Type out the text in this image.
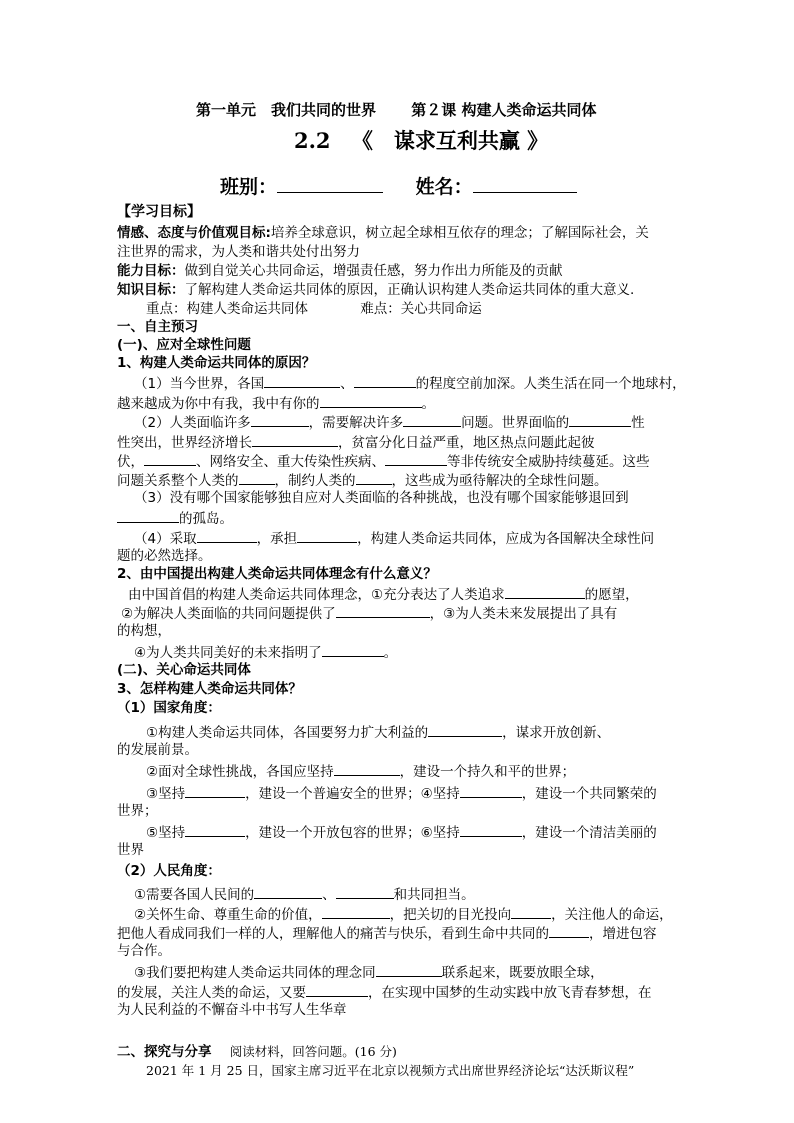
第一单元　我们共同的世界 第２课 构建人类命运共同体
2.2 《　谋求互利共赢 》
班别：	姓名：
【学习目标】
情感、态度与价值观目标:培养全球意识，树立起全球相互依存的理念；了解国际社会，关
注世界的需求，为人类和谐共处付出努力
能力目标：做到自觉关心共同命运，增强责任感，努力作出力所能及的贡献
知识目标：了解构建人类命运共同体的原因，正确认识构建人类命运共同体的重大意义.
重点：构建人类命运共同体	难点：关心共同命运
一、自主预习
(一)、应对全球性问题
1、构建人类命运共同体的原因？
（1）当今世界，各国	、	的程度空前加深。人类生活在同一个地球村，
越来越成为你中有我，我中有你的	。
（2）人类面临许多	，需要解决许多	问题。世界面临的	性
性突出，世界经济增长	，贫富分化日益严重，地区热点问题此起彼
伏，	、网络安全、重大传染性疾病、	等非传统安全威胁持续蔓延。这些
问题关系整个人类的	，制约人类的	，这些成为亟待解决的全球性问题。
（3）没有哪个国家能够独自应对人类面临的各种挑战，也没有哪个国家能够退回到
的孤岛。
（4）采取	，承担	，构建人类命运共同体，应成为各国解决全球性问
题的必然选择。
2、由中国提出构建人类命运共同体理念有什么意义？
由中国首倡的构建人类命运共同体理念，①充分表达了人类追求	的愿望，
②为解决人类面临的共同问题提供了	，③为人类未来发展提出了具有
的构想，
④为人类共同美好的未来指明了	。
(二)、关心命运共同体
3、怎样构建人类命运共同体？
（1）国家角度：
①构建人类命运共同体，各国要努力扩大利益的	，谋求开放创新、
的发展前景。
②面对全球性挑战，各国应坚持	，建设一个持久和平的世界；
③坚持	，建设一个普遍安全的世界；④坚持	，建设一个共同繁荣的
世界；
⑤坚持	，建设一个开放包容的世界；⑥坚持	，建设一个清洁美丽的
世界
（2）人民角度：
①需要各国人民间的	、	和共同担当。
②关怀生命、尊重生命的价值，	，把关切的目光投向	，关注他人的命运，
把他人看成同我们一样的人，理解他人的痛苦与快乐，看到生命中共同的	，增进包容
与合作。
③我们要把构建人类命运共同体的理念同	联系起来，既要放眼全球，
的发展，关注人类的命运，又要	，在实现中国梦的生动实践中放飞青春梦想，在
为人民利益的不懈奋斗中书写人生华章
二、探究与分享 阅读材料，回答问题。(16 分)
2021 年 1 月 25 日，国家主席习近平在北京以视频方式出席世界经济论坛“达沃斯议程”
